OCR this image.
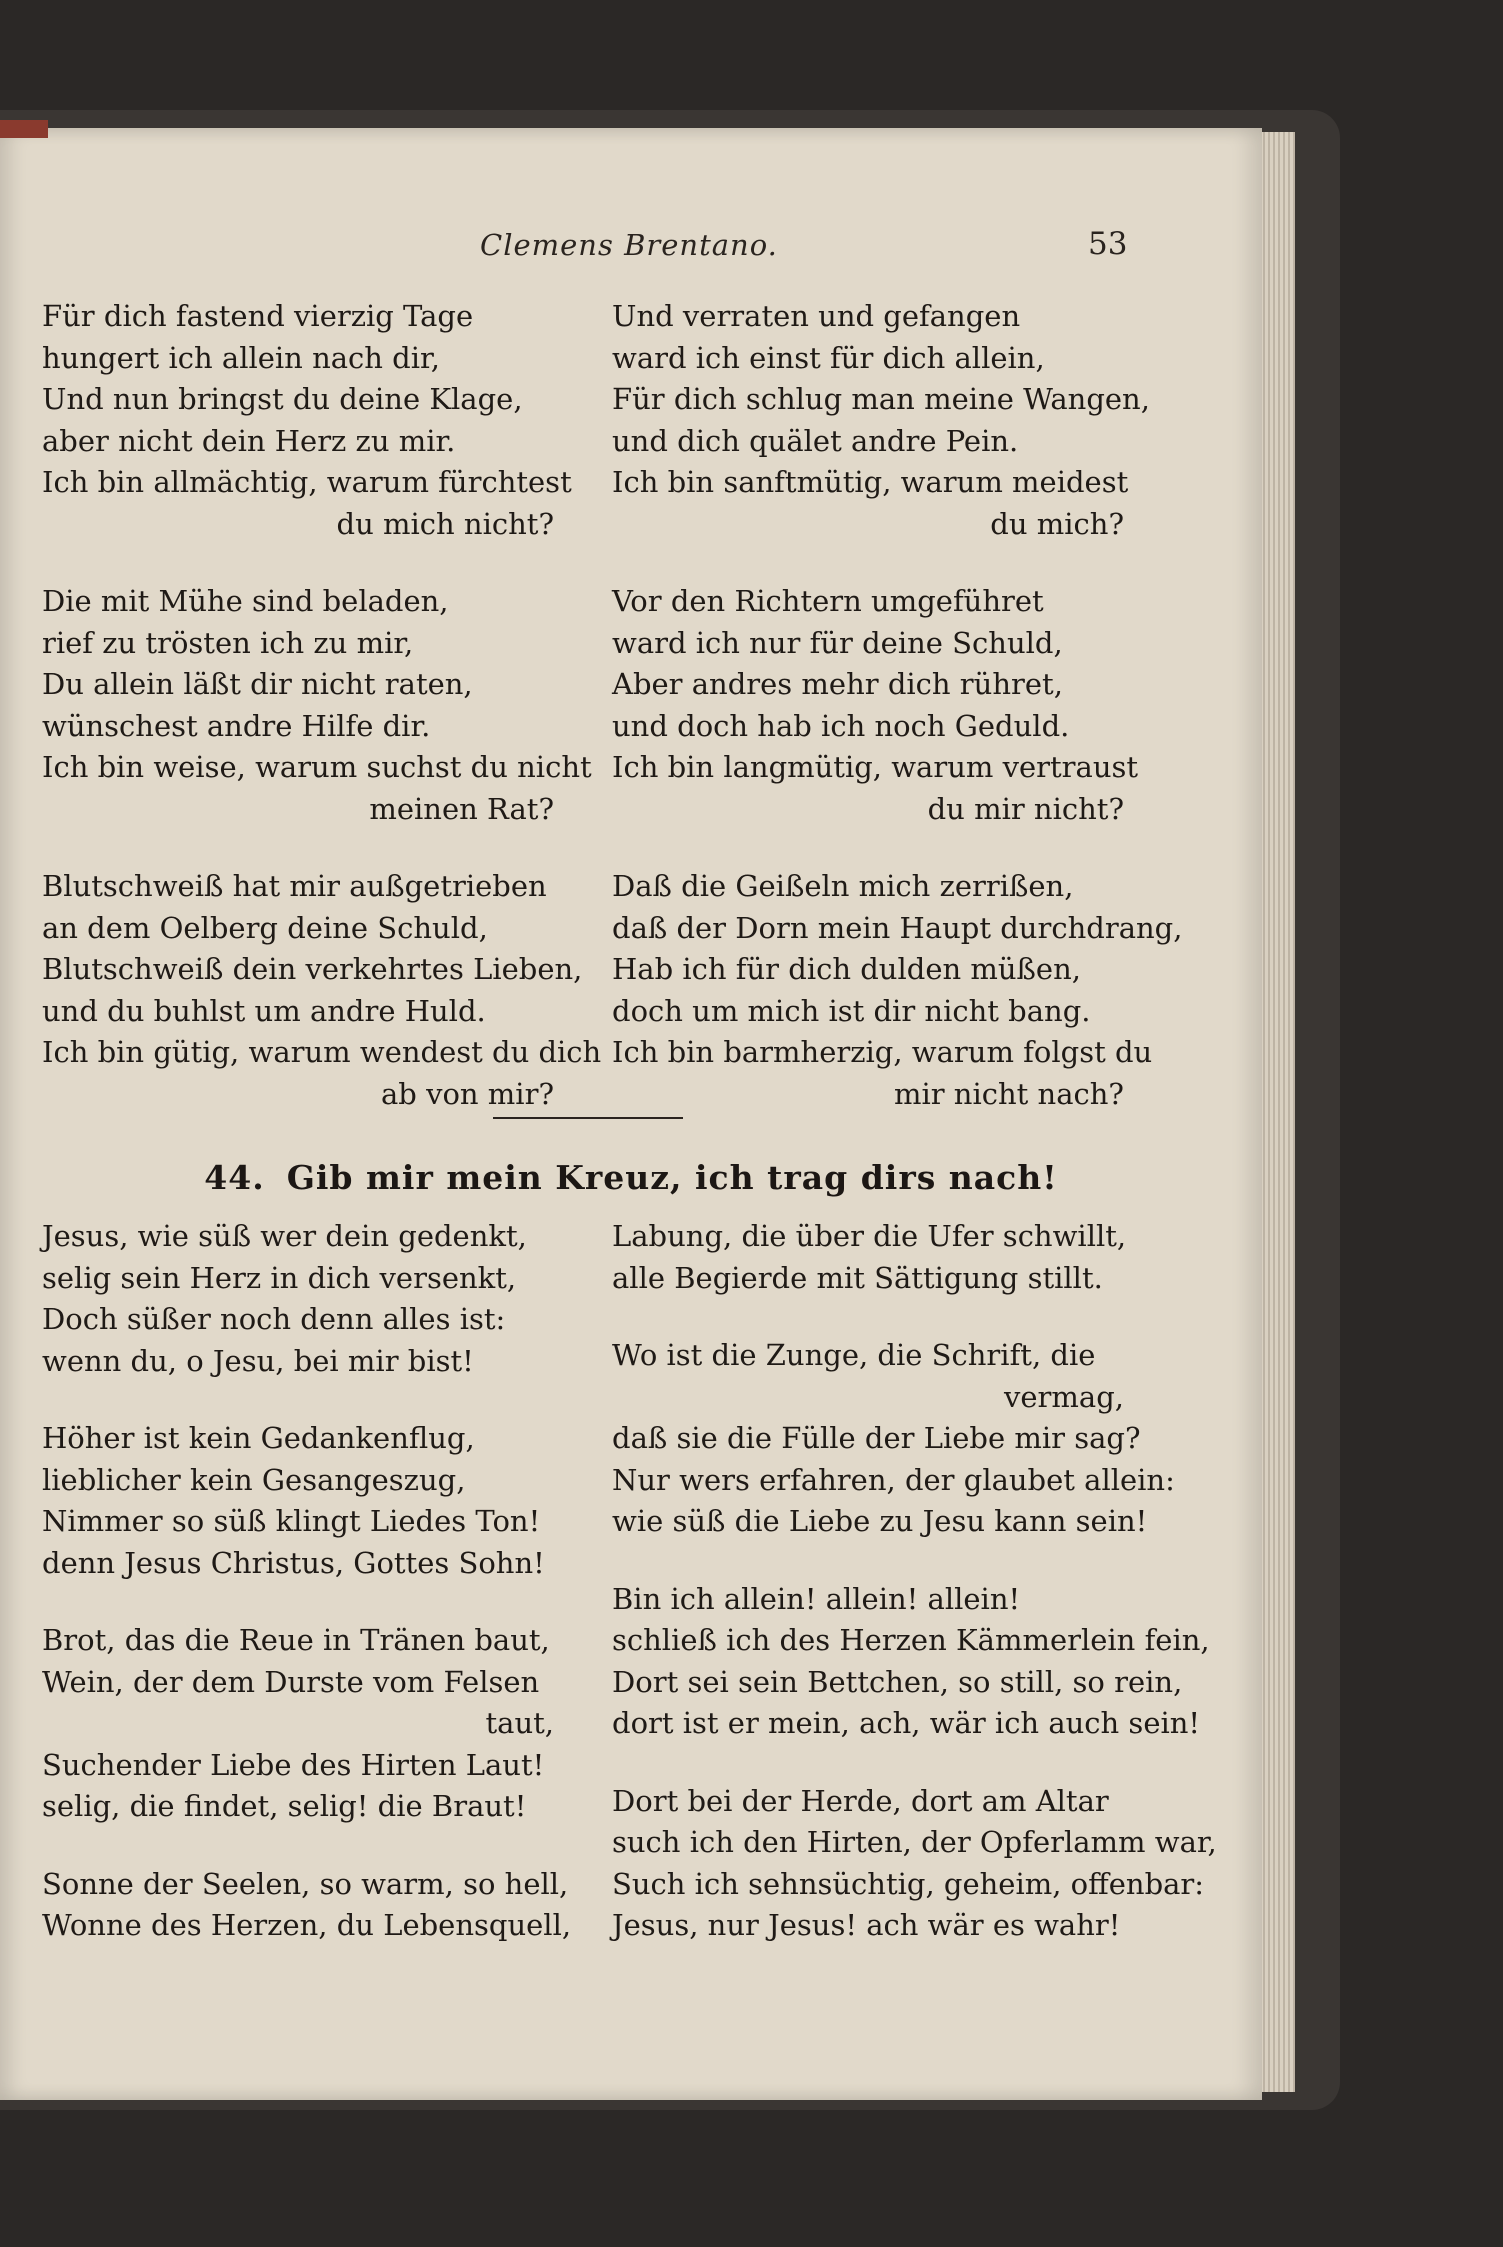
Clemens Brentano.	53
Für dich fastend vierzig Tage
hungert ich allein nach dir,
Und nun bringst du deine Klage,
aber nicht dein Herz zu mir.
Ich bin allmächtig, warum fürchtest
du mich nicht?
Die mit Mühe sind beladen,
rief zu trösten ich zu mir,
Du allein läßt dir nicht raten,
wünschest andre Hilfe dir.
Ich bin weise, warum suchst du nicht
meinen Rat?
Blutschweiß hat mir außgetrieben
an dem Oelberg deine Schuld,
Blutschweiß dein verkehrtes Lieben,
und du buhlst um andre Huld.
Ich bin gütig, warum wendest du dich
ab von mir?
Und verraten und gefangen
ward ich einst für dich allein,
Für dich schlug man meine Wangen,
und dich quälet andre Pein.
Ich bin sanftmütig, warum meidest
du mich?
Vor den Richtern umgeführet
ward ich nur für deine Schuld,
Aber andres mehr dich rühret,
und doch hab ich noch Geduld.
Ich bin langmütig, warum vertraust
du mir nicht?
Daß die Geißeln mich zerrißen,
daß der Dorn mein Haupt durchdrang,
Hab ich für dich dulden müßen,
doch um mich ist dir nicht bang.
Ich bin barmherzig, warum folgst du
mir nicht nach?
44. Gib mir mein Kreuz, ich trag dirs nach!
Jesus, wie süß wer dein gedenkt,
selig sein Herz in dich versenkt,
Doch süßer noch denn alles ist:
wenn du, o Jesu, bei mir bist!
Höher ist kein Gedankenflug,
lieblicher kein Gesangeszug,
Nimmer so süß klingt Liedes Ton!
denn Jesus Christus, Gottes Sohn!
Brot, das die Reue in Tränen baut,
Wein, der dem Durste vom Felsen
taut,
Suchender Liebe des Hirten Laut!
selig, die findet, selig! die Braut!
Sonne der Seelen, so warm, so hell,
Wonne des Herzen, du Lebensquell,
Labung, die über die Ufer schwillt,
alle Begierde mit Sättigung stillt.
Wo ist die Zunge, die Schrift, die
vermag,
daß sie die Fülle der Liebe mir sag?
Nur wers erfahren, der glaubet allein:
wie süß die Liebe zu Jesu kann sein!
Bin ich allein! allein! allein!
schließ ich des Herzen Kämmerlein fein,
Dort sei sein Bettchen, so still, so rein,
dort ist er mein, ach, wär ich auch sein!
Dort bei der Herde, dort am Altar
such ich den Hirten, der Opferlamm war,
Such ich sehnsüchtig, geheim, offenbar:
Jesus, nur Jesus! ach wär es wahr!
